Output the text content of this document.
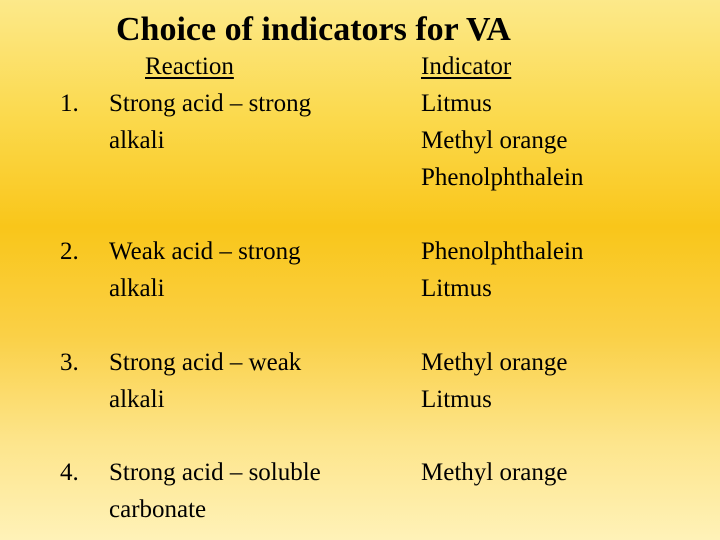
Choice of indicators for VA
Reaction	Indicator
1. Strong acid – strong
alkali
Litmus
Methyl orange
Phenolphthalein
2. Weak acid – strong
alkali
Phenolphthalein
Litmus
3. Strong acid – weak
alkali
Methyl orange
Litmus
4. Strong acid – soluble
carbonate
Methyl orange
